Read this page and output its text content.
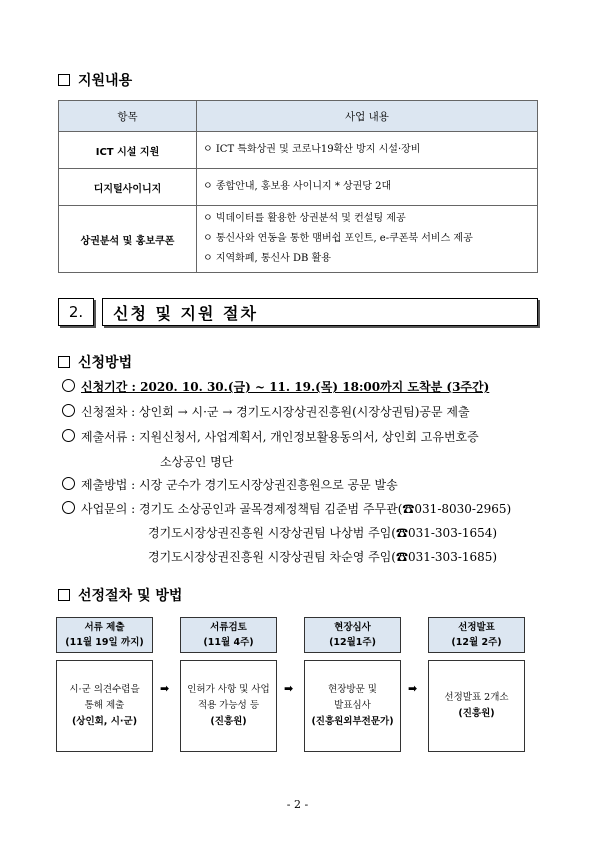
지원내용
항목	사업 내용
ICT 시설 지원	ㅇ ICT 특화상권 및 코로나19확산 방지 시설·장비

디지털사이니지	ㅇ 종합안내, 홍보용 사이니지 * 상권당 2대

상권분석 및 홍보쿠폰	ㅇ 빅데이터를 활용한 상권분석 및 컨설팅 제공
ㅇ 통신사와 연동을 통한 맴버쉽 포인트, e-쿠폰북 서비스 제공
ㅇ 지역화폐, 통신사 DB 활용
2.	신청 및 지원 절차
신청방법
신청기간 : 2020. 10. 30.(금) ~ 11. 19.(목) 18:00까지 도착분 (3주간)
신청절차 : 상인회 → 시·군 → 경기도시장상권진흥원(시장상권팀)공문 제출
제출서류 : 지원신청서, 사업계획서, 개인정보활용동의서, 상인회 고유번호증
소상공인 명단
제출방법 : 시장 군수가 경기도시장상권진흥원으로 공문 발송
사업문의 : 경기도 소상공인과 골목경제정책팀 김준범 주무관(☎031-8030-2965)
경기도시장상권진흥원 시장상권팀 나상범 주임(☎031-303-1654)
경기도시장상권진흥원 시장상권팀 차순영 주임(☎031-303-1685)
선정절차 및 방법
서류 제출
(11월 19일 까지)
시·군 의견수렴을
통해 제출
(상인회, 시·군)
➡
서류검토
(11월 4주)
인허가 사항 및 사업
적용 가능성 등
(진흥원)
➡
현장심사
(12월1주)
현장방문 및
발표심사
(진흥원외부전문가)
➡
선정발표
(12월 2주)
선정발표 2개소
(진흥원)
- 2 -
